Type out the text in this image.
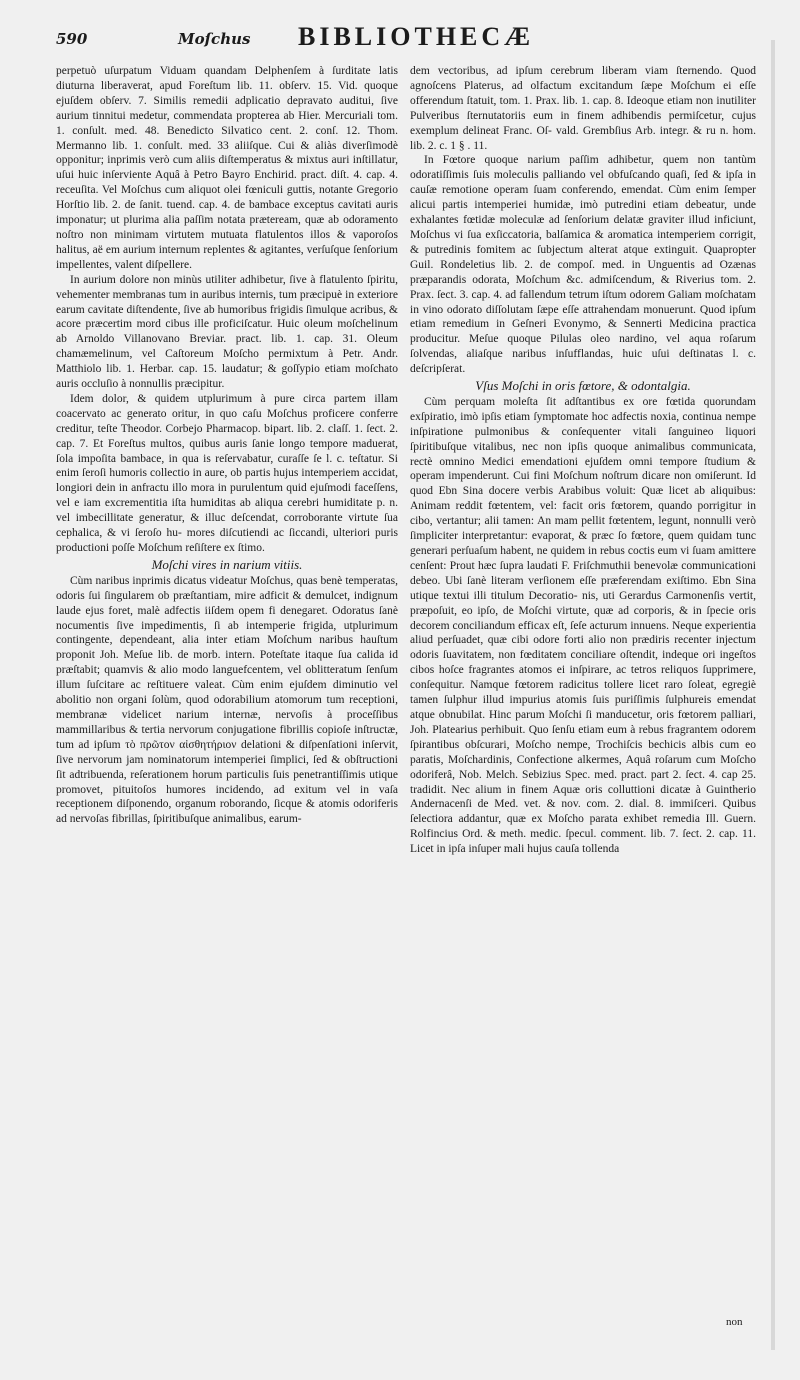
590	Moſchus BIBLIOTHECÆ

perpetuò uſurpatum Viduam quandam Delphenſem à ſurditate latis diuturna liberaverat, apud Foreſtum lib. 11. obſerv. 15. Vid. quoque ejuſdem obſerv. 7. Similis remedii adplicatio depravato auditui, ſive aurium tinnitui medetur, commendata propterea ab Hier. Mercuriali tom. 1. conſult. med. 48. Benedicto Silvatico cent. 2. conſ. 12. Thom. Mermanno lib. 1. conſult. med. 33 aliiſque. Cui & aliàs diverſimodè opponitur; inprimis verò cum aliis diſtemperatus & mixtus auri inſtillatur, uſui huic inſerviente Aquâ à Petro Bayro Enchirid. pract. diſt. 4. cap. 4. receuſita. Vel Moſchus cum aliquot olei fœniculi guttis, notante Gregorio Horſtio lib. 2. de ſanit. tuend. cap. 4. de bambace exceptus cavitati auris imponatur; ut plurima alia paſſim notata præteream, quæ ab odoramento noſtro non minimam virtutem mutuata flatulentos illos & vaporoſos halitus, aë em aurium internum replentes & agitantes, verſuſque ſenſorium impellentes, valent diſpellere.

In aurium dolore non minùs utiliter adhibetur, ſive à flatulento ſpiritu, vehementer membranas tum in auribus internis, tum præcipuè in exteriore earum cavitate diſtendente, ſive ab humoribus frigidis ſimulque acribus, & acore præcertim mord cibus ille proficiſcatur. Huic oleum moſchelinum ab Arnoldo Villanovano Breviar. pract. lib. 1. cap. 31. Oleum chamæmelinum, vel Caſtoreum Moſcho permixtum à Petr. Andr. Matthiolo lib. 1. Herbar. cap. 15. laudatur; & goſſypio etiam moſchato auris occluſio à nonnullis præcipitur.

Idem dolor, & quidem utplurimum à pure circa partem illam coacervato ac generato oritur, in quo caſu Moſchus proficere conferre creditur, teſte Theodor. Corbejo Pharmacop. bipart. lib. 2. claſſ. 1. ſect. 2. cap. 7. Et Foreſtus multos, quibus auris ſanie longo tempore maduerat, ſola impoſita bambace, in qua is reſervabatur, curaſſe ſe l. c. teſtatur. Si enim ſeroſi humoris collectio in aure, ob partis hujus intemperiem accidat, longiori dein in anfractu illo mora in purulentum quid ejuſmodi faceſſens, vel e iam excrementitia iſta humiditas ab aliqua cerebri humiditate p. n. vel imbecillitate generatur, & illuc deſcendat, corroborante virtute ſua cephalica, & vi ſeroſo hu- mores diſcutiendi ac ſiccandi, ulteriori puris productioni poſſe Moſchum reſiſtere ex ſtimo.

Moſchi vires in narium vitiis.

Cùm naribus inprimis dicatus videatur Moſchus, quas benè temperatas, odoris ſui ſingularem ob præſtantiam, mire adficit & demulcet, indignum laude ejus foret, malè adfectis iiſdem opem fi denegaret. Odoratus ſanè nocumentis ſive impedimentis, ſi ab intemperie frigida, utplurimum contingente, dependeant, alia inter etiam Moſchum naribus hauſtum proponit Joh. Meſue lib. de morb. intern. Poteſtate itaque ſua calida id præſtabit; quamvis & alio modo languefcentem, vel oblitteratum ſenſum illum ſuſcitare ac reſtituere valeat. Cùm enim ejuſdem diminutio vel abolitio non organi ſolùm, quod odorabilium atomorum tum receptioni, membranæ videlicet narium internæ, nervoſis à proceſſibus mammillaribus & tertia nervorum conjugatione fibrillis copioſe inſtructæ, tum ad ipſum τὸ πρῶτον αἰσθητήριον delationi & diſpenſationi inſervit, ſive nervorum jam nominatorum intemperiei ſimplici, ſed & obſtructioni ſit adtribuenda, reſerationem horum particulis ſuis penetrantiſſimis utique promovet, pituitoſos humores incidendo, ad exitum vel in vaſa receptionem diſponendo, organum roborando, ſicque & atomis odoriferis ad nervoſas fibrillas, ſpiritibuſque animalibus, earum-

dem vectoribus, ad ipſum cerebrum liberam viam ſternendo. Quod agnoſcens Platerus, ad olfactum excitandum ſæpe Moſchum ei eſſe offerendum ſtatuit, tom. 1. Prax. lib. 1. cap. 8. Ideoque etiam non inutiliter Pulveribus ſternutatoriis eum in finem adhibendis permiſcetur, cujus exemplum delineat Franc. Oſ- vald. Grembſius Arb. integr. & ru n. hom. lib. 2. c. 1 § . 11.

In Fœtore quoque narium paſſim adhibetur, quem non tantùm odoratiſſimis ſuis moleculis palliando vel obfuſcando quaſi, ſed & ipſa in cauſæ remotione operam ſuam conferendo, emendat. Cùm enim ſemper alicui partis intemperiei humidæ, imò putredini etiam debeatur, unde exhalantes fœtidæ moleculæ ad ſenſorium delatæ graviter illud inficiunt, Moſchus vi ſua exſiccatoria, balſamica & aromatica intemperiem corrigit, & putredinis fomitem ac ſubjectum alterat atque extinguit. Quapropter Guil. Rondeletius lib. 2. de compoſ. med. in Unguentis ad Ozænas præparandis odorata, Moſchum &c. admiſcendum, & Riverius tom. 2. Prax. ſect. 3. cap. 4. ad fallendum tetrum iſtum odorem Galiam moſchatam in vino odorato diſſolutam ſæpe eſſe attrahendam monuerunt. Quod ipſum etiam remedium in Geſneri Evonymo, & Sennerti Medicina practica producitur. Meſue quoque Pilulas oleo nardino, vel aqua roſarum ſolvendas, aliaſque naribus inſufflandas, huic uſui deſtinatas l. c. deſcripſerat.

Vſus Moſchi in oris fœtore, & odontalgia.

Cùm perquam moleſta ſit adſtantibus ex ore fœtida quorundam exſpiratio, imò ipſis etiam ſymptomate hoc adfectis noxia, continua nempe inſpiratione pulmonibus & conſequenter vitali ſanguineo liquori ſpiritibuſque vitalibus, nec non ipſis quoque animalibus communicata, rectè omnino Medici emendationi ejuſdem omni tempore ſtudium & operam impenderunt. Cui fini Moſchum noſtrum dicare non omiſerunt. Id quod Ebn Sina docere verbis Arabibus voluit: Quæ licet ab aliquibus: Animam reddit fœtentem, vel: facit oris fœtorem, quando porrigitur in cibo, vertantur; alii tamen: An mam pellit fœtentem, legunt, nonnulli verò ſimpliciter interpretantur: evaporat, & præc ſo fœtore, quem quidam tunc generari perſuaſum habent, ne quidem in rebus coctis eum vi ſuam amittere cenſent: Prout hæc ſupra laudati F. Friſchmuthii benevolæ communicationi debeo. Ubi ſanè literam verſionem eſſe præferendam exiſtimo. Ebn Sina utique textui illi titulum Decoratio- nis, uti Gerardus Carmonenſis vertit, præpoſuit, eo ipſo, de Moſchi virtute, quæ ad corporis, & in ſpecie oris decorem conciliandum efficax eſt, ſeſe acturum innuens. Neque experientia aliud perſuadet, quæ cibi odore forti alio non prædiris recenter injectum odoris ſuavitatem, non fœditatem conciliare oſtendit, indeque ori ingeſtos cibos hoſce fragrantes atomos ei inſpirare, ac tetros reliquos ſupprimere, conſequitur. Namque fœtorem radicitus tollere licet raro ſoleat, egregiè tamen ſulphur illud impurius atomis ſuis puriſſimis ſulphureis emendat atque obnubilat. Hinc parum Moſchi ſi manducetur, oris fœtorem palliari, Joh. Platearius perhibuit. Quo ſenſu etiam eum à rebus fragrantem odorem ſpirantibus obſcurari, Moſcho nempe, Trochiſcis bechicis albis cum eo paratis, Moſchardinis, Confectione alkermes, Aquâ roſarum cum Moſcho odoriferâ, Nob. Melch. Sebizius Spec. med. pract. part 2. ſect. 4. cap 25. tradidit. Nec alium in finem Aquæ oris colluttioni dicatæ à Guintherio Andernacenſi de Med. vet. & nov. com. 2. dial. 8. immiſceri. Quibus ſelectiora addantur, quæ ex Moſcho parata exhibet remedia Ill. Guern. Rolfincius Ord. & meth. medic. ſpecul. comment. lib. 7. ſect. 2. cap. 11. Licet in ipſa inſuper mali hujus cauſa tollenda

non
